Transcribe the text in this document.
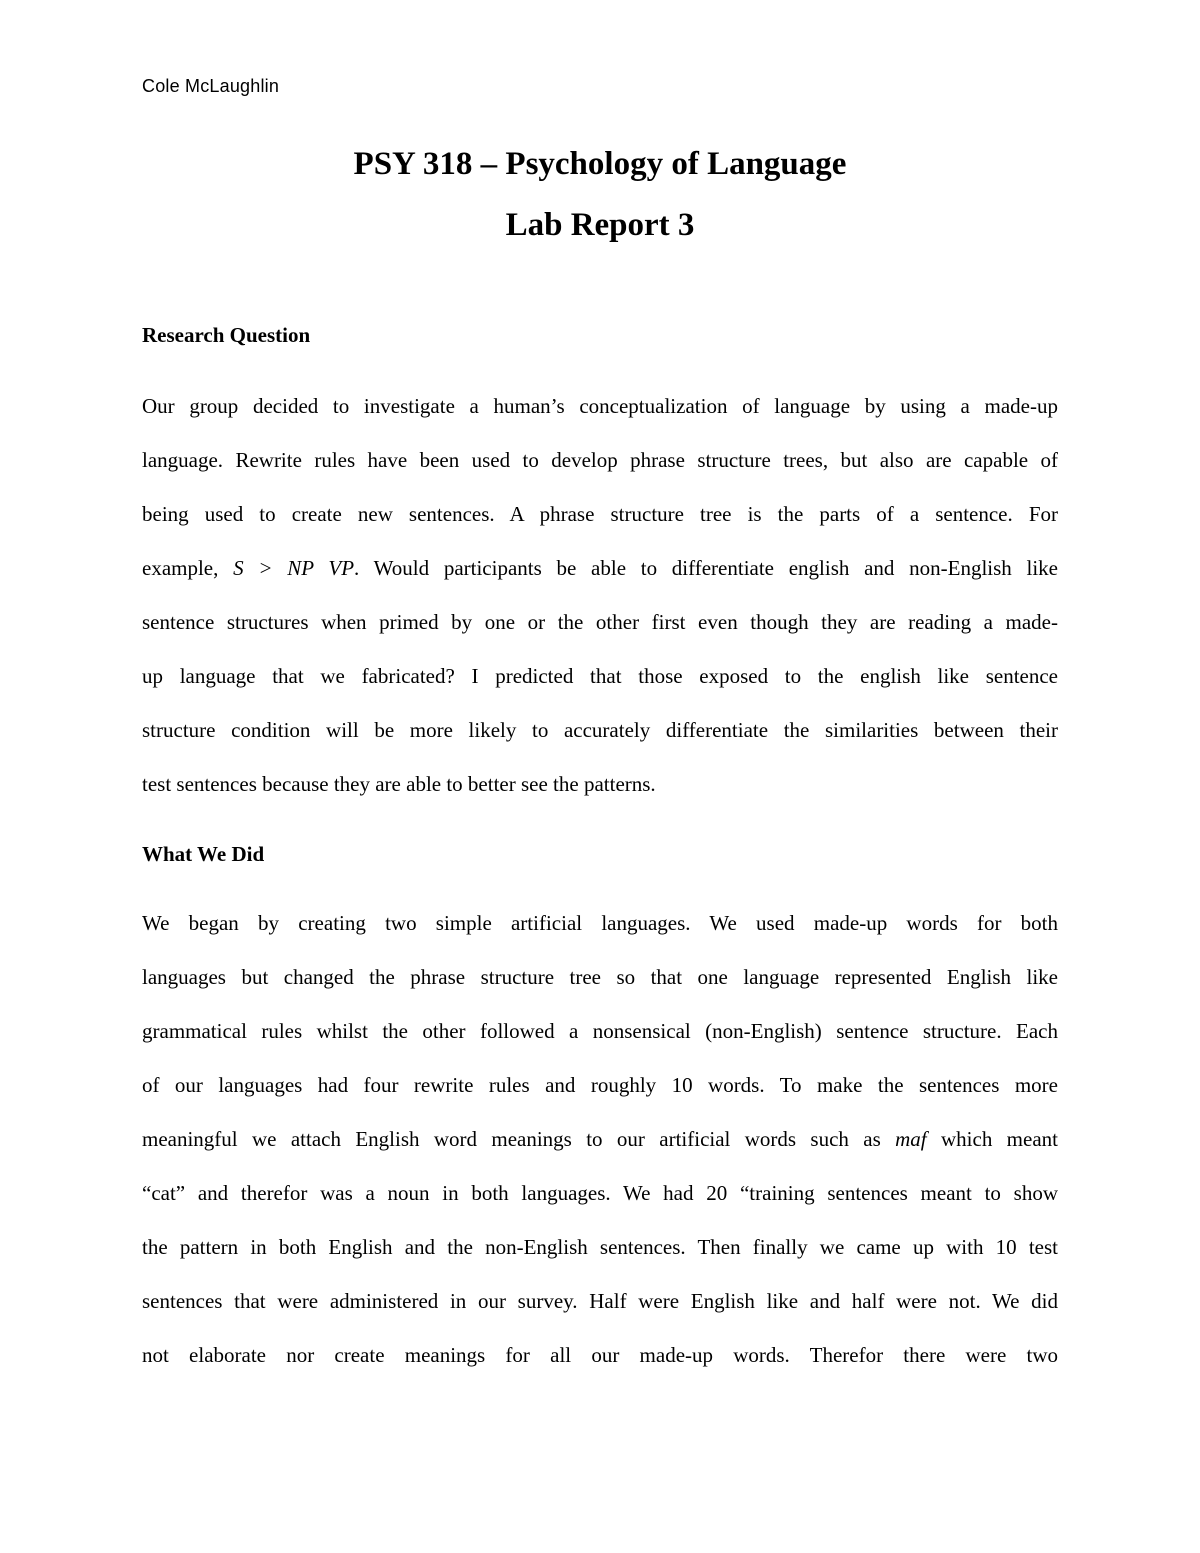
Cole McLaughlin
PSY 318 – Psychology of Language
Lab Report 3
Research Question
Our group decided to investigate a human’s conceptualization of language by using a made-up
language. Rewrite rules have been used to develop phrase structure trees, but also are capable of
being used to create new sentences. A phrase structure tree is the parts of a sentence. For
example, S > NP VP. Would participants be able to differentiate english and non-English like
sentence structures when primed by one or the other first even though they are reading a made-
up language that we fabricated? I predicted that those exposed to the english like sentence
structure condition will be more likely to accurately differentiate the similarities between their
test sentences because they are able to better see the patterns.
What We Did
We began by creating two simple artificial languages. We used made-up words for both
languages but changed the phrase structure tree so that one language represented English like
grammatical rules whilst the other followed a nonsensical (non-English) sentence structure. Each
of our languages had four rewrite rules and roughly 10 words. To make the sentences more
meaningful we attach English word meanings to our artificial words such as maf which meant
“cat” and therefor was a noun in both languages. We had 20 “training sentences meant to show
the pattern in both English and the non-English sentences. Then finally we came up with 10 test
sentences that were administered in our survey. Half were English like and half were not. We did
not elaborate nor create meanings for all our made-up words. Therefor there were two
